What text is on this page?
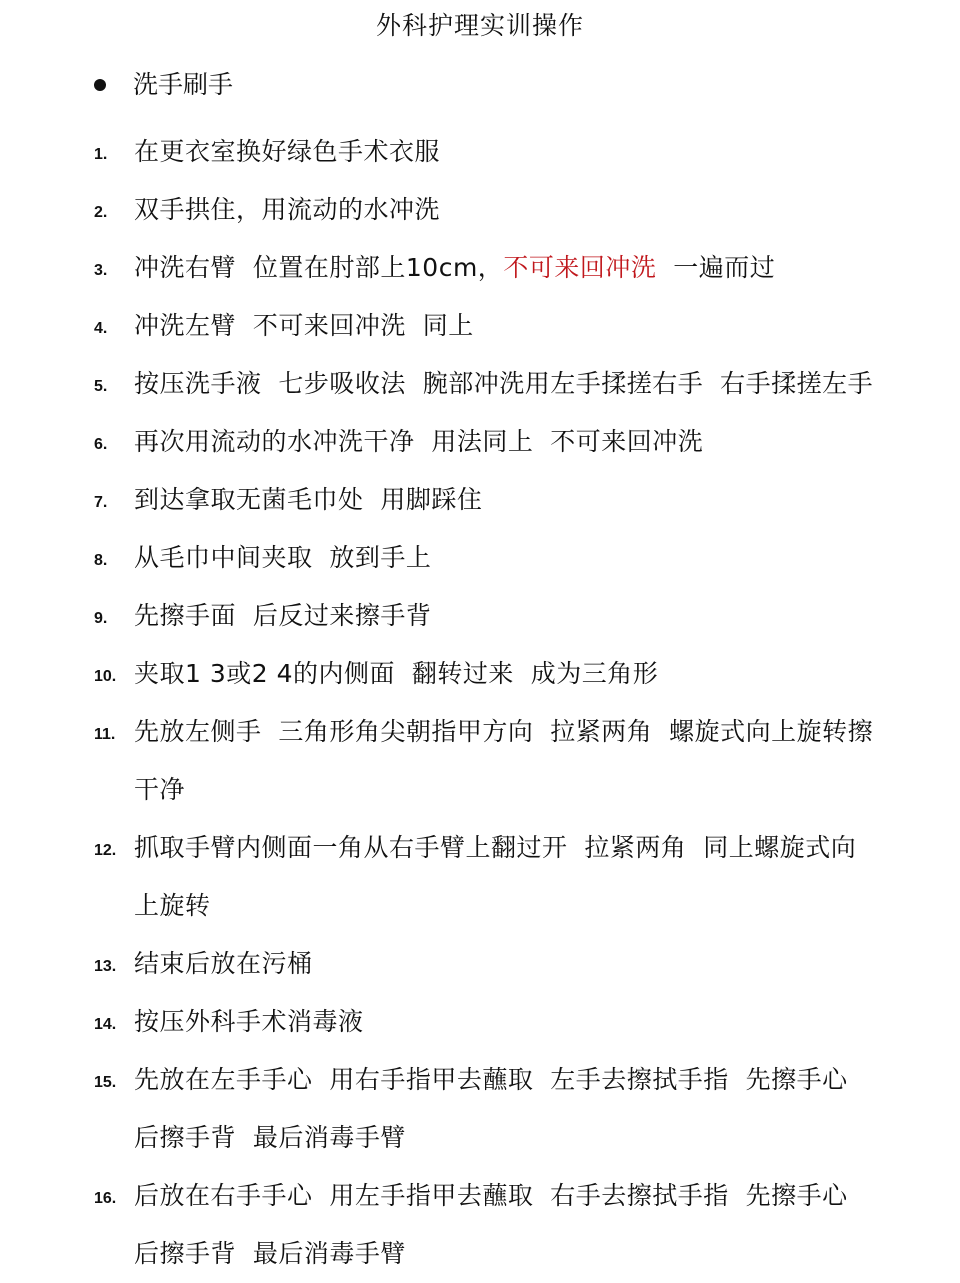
外科护理实训操作
洗手刷手
1.	在更衣室换好绿色手术衣服
2.	双手拱住，用流动的水冲洗
3.	冲洗右臂  位置在肘部上10cm，不可来回冲洗  一遍而过
4.	冲洗左臂  不可来回冲洗  同上
5.	按压洗手液  七步吸收法  腕部冲洗用左手揉搓右手  右手揉搓左手
6.	再次用流动的水冲洗干净  用法同上  不可来回冲洗
7.	到达拿取无菌毛巾处  用脚踩住
8.	从毛巾中间夹取  放到手上
9.	先擦手面  后反过来擦手背
10. 夹取1 3或2 4的内侧面  翻转过来  成为三角形
11. 先放左侧手  三角形角尖朝指甲方向  拉紧两角  螺旋式向上旋转擦干净
12. 抓取手臂内侧面一角从右手臂上翻过开  拉紧两角  同上螺旋式向上旋转
13. 结束后放在污桶
14. 按压外科手术消毒液
15. 先放在左手手心  用右手指甲去蘸取  左手去擦拭手指  先擦手心  后擦手背  最后消毒手臂
16. 后放在右手手心  用左手指甲去蘸取  右手去擦拭手指  先擦手心  后擦手背  最后消毒手臂
